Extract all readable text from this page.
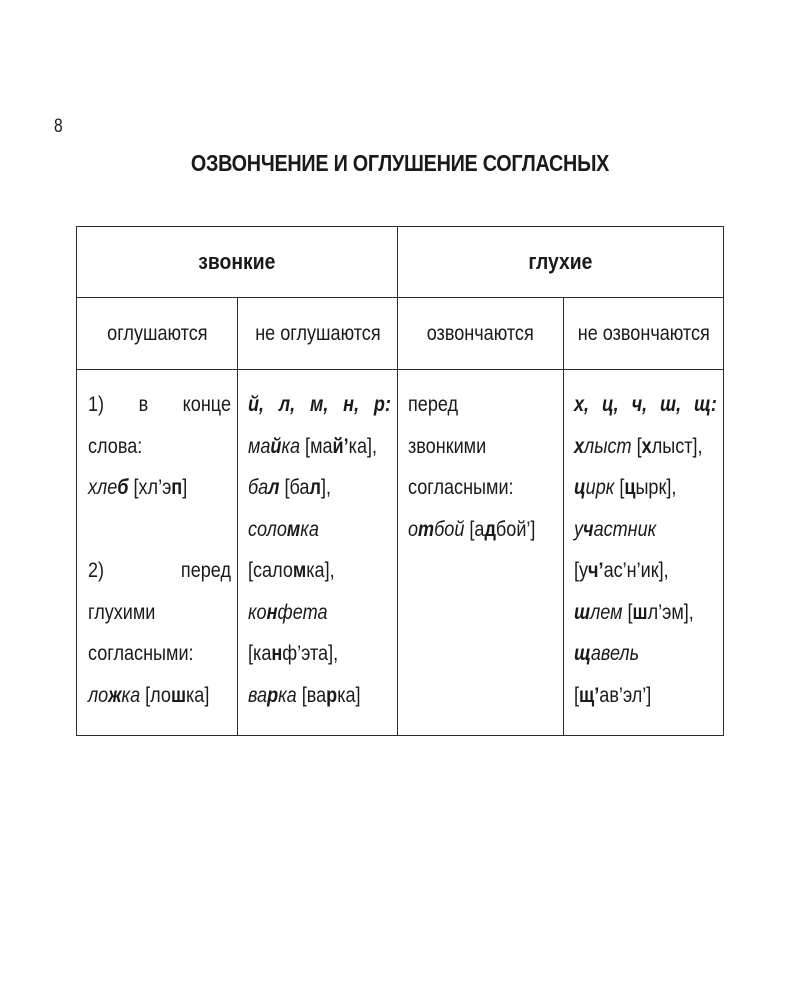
8
ОЗВОНЧЕНИЕ И ОГЛУШЕНИЕ СОГЛАСНЫХ
звонкие	глухие
оглушаются не оглушаются озвончаются не озвончаются
1) в конце
слова:
хлеб [хл’эп]
2)	перед
глухими
согласными:
ложка [лошка]
й, л, м, н, р:
майка [май’ка],
бал [бал],
соломка
[саломка],
конфета
[канф’эта],
варка [варка]
перед
звонкими
согласными:
отбой [адбой’]
х, ц, ч, ш, щ:
хлыст [хлыст],
цирк [цырк],
участник
[уч’ас’н’ик],
шлем [шл’эм],
щавель
[щ’ав’эл’]
